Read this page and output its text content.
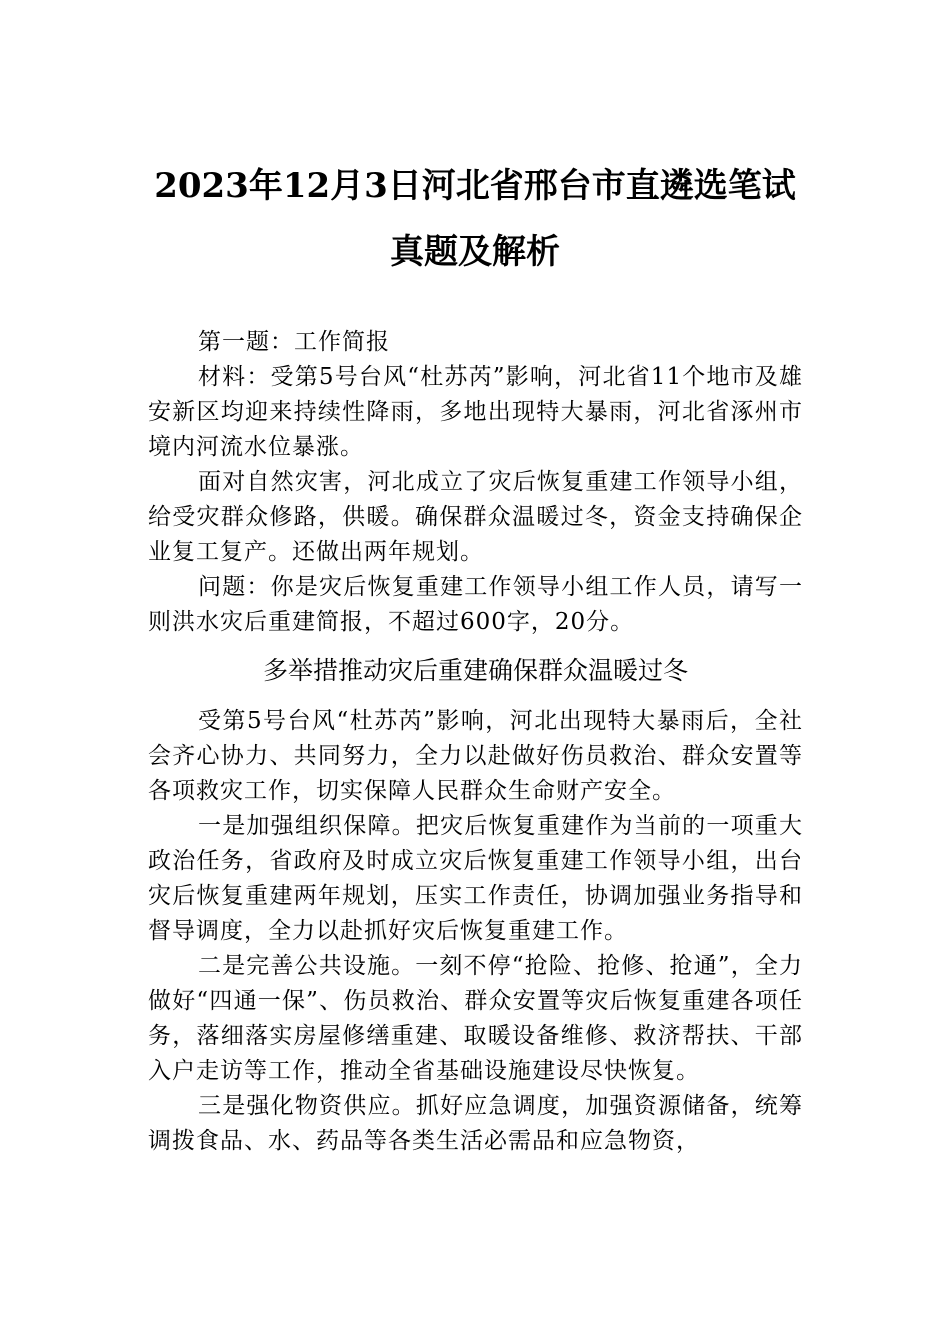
2023年12月3日河北省邢台市直遴选笔试
真题及解析

第一题：工作简报

材料：受第5号台风“杜苏芮”影响，河北省11个地市及雄安新区均迎来持续性降雨，多地出现特大暴雨，河北省涿州市境内河流水位暴涨。

面对自然灾害，河北成立了灾后恢复重建工作领导小组，给受灾群众修路，供暖。确保群众温暖过冬，资金支持确保企业复工复产。还做出两年规划。

问题：你是灾后恢复重建工作领导小组工作人员，请写一则洪水灾后重建简报，不超过600字，20分。

多举措推动灾后重建确保群众温暖过冬

受第5号台风“杜苏芮”影响，河北出现特大暴雨后，全社会齐心协力、共同努力，全力以赴做好伤员救治、群众安置等各项救灾工作，切实保障人民群众生命财产安全。

一是加强组织保障。把灾后恢复重建作为当前的一项重大政治任务，省政府及时成立灾后恢复重建工作领导小组，出台灾后恢复重建两年规划，压实工作责任，协调加强业务指导和督导调度，全力以赴抓好灾后恢复重建工作。

二是完善公共设施。一刻不停“抢险、抢修、抢通”，全力做好“四通一保”、伤员救治、群众安置等灾后恢复重建各项任务，落细落实房屋修缮重建、取暖设备维修、救济帮扶、干部入户走访等工作，推动全省基础设施建设尽快恢复。

三是强化物资供应。抓好应急调度，加强资源储备，统筹调拨食品、水、药品等各类生活必需品和应急物资，
